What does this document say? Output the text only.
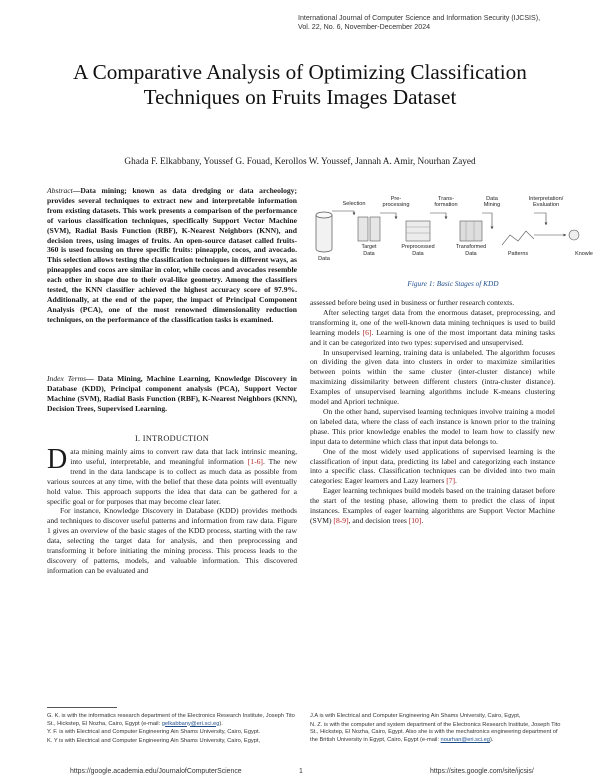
International Journal of Computer Science and Information Security (IJCSIS),
Vol. 22, No. 6, November-December 2024
A Comparative Analysis of Optimizing Classification Techniques on Fruits Images Dataset
Ghada F. Elkabbany, Youssef G. Fouad, Kerollos W. Youssef, Jannah A. Amir, Nourhan Zayed
Abstract—Data mining; known as data dredging or data archeology; provides several techniques to extract new and interpretable information from existing datasets. This work presents a comparison of the performance of various classification techniques, specifically Support Vector Machine (SVM), Radial Basis Function (RBF), K-Nearest Neighbors (KNN), and decision trees, using images of fruits. An open-source dataset called fruits-360 is used focusing on three specific fruits: pineapple, cocos, and avocado. This selection allows testing the classification techniques in different ways, as pineapples and cocos are similar in color, while cocos and avocados resemble each other in shape due to their oval-like geometry. Among the classifiers tested, the KNN classifier achieved the highest accuracy score of 97.9%. Additionally, at the end of the paper, the impact of Principal Component Analysis (PCA), one of the most renowned dimensionality reduction techniques, on the performance of the classification tasks is examined.
Index Terms— Data Mining, Machine Learning, Knowledge Discovery in Database (KDD), Principal component analysis (PCA), Support Vector Machine (SVM), Radial Basis Function (RBF), K-Nearest Neighbors (KNN), Decision Trees, Supervised Learning.
I. INTRODUCTION

Data mining mainly aims to convert raw data that lack intrinsic meaning, into useful, interpretable, and meaningful information [1-6]. The new trend in the data landscape is to collect as much data as possible from various sources at any time, with the belief that these data points will eventually hold value. This approach supports the idea that data can be gathered for a specific goal or for purposes that may become clear later.

For instance, Knowledge Discovery in Database (KDD) provides methods and techniques to discover useful patterns and information from raw data. Figure 1 gives an overview of the basic stages of the KDD process, starting with the raw data, selecting the target data for analysis, and then preprocessing and transforming it before initiating the mining process. This process leads to the discovery of patterns, models, and valuable information. This discovered information can be evaluated and

Data
Target
Data
Preprocessed
Data
Transformed
Data	Patterns	Knowle
Selection
Pre-
processing
Trans-
formation
Data
Mining
Interpretation/
Evaluation
Figure 1: Basic Stages of KDD

assessed before being used in business or further research contexts.

After selecting target data from the enormous dataset, preprocessing, and transforming it, one of the well-known data mining techniques is used to build learning models [6]. Learning is one of the most important data mining tasks and it can be categorized into two types: supervised and unsupervised.

In unsupervised learning, training data is unlabeled. The algorithm focuses on dividing the given data into clusters in order to maximize similarities between points within the same cluster (inter-cluster distance) while maximizing dissimilarity between different clusters (intra-cluster distance). Examples of unsupervised learning algorithms include K-means clustering model and Apriori technique.

On the other hand, supervised learning techniques involve training a model on labeled data, where the class of each instance is known prior to the training phase. This prior knowledge enables the model to learn how to classify new input data to determine which class that input data belongs to.

One of the most widely used applications of supervised learning is the classification of input data, predicting its label and categorizing each instance into a specific class. Classification techniques can be divided into two main categories: Eager learners and Lazy learners [7].

Eager learning techniques build models based on the training dataset before the start of the testing phase, allowing them to predict the class of input instances. Examples of eager learning algorithms are Support Vector Machine (SVM) [8-9], and decision trees [10].

G. K. is with the informatics research department of the Electronics Research Institute, Joseph Tito St., Hickstep, El Nozha, Cairo, Egypt (e-mail: gelkabbany@eri.sci.eg).

Y. F. is with Electrical and Computer Engineering Ain Shams University, Cairo, Egypt.

K. Y is with Electrical and Computer Engineering Ain Shams University, Cairo, Egypt,

J.A is with Electrical and Computer Engineering Ain Shams University, Cairo, Egypt,

N. Z. is with the computer and system department of the Electronics Research Institute, Joseph Tito St., Hickstep, El Nozha, Cairo, Egypt. Also she is with the mechatronics engineering department of the British University in Egypt, Cairo, Egypt (e-mail: nourhan@eri.sci.eg).

https://google.academia.edu/JournalofComputerScience	1	https://sites.google.com/site/ijcsis/
